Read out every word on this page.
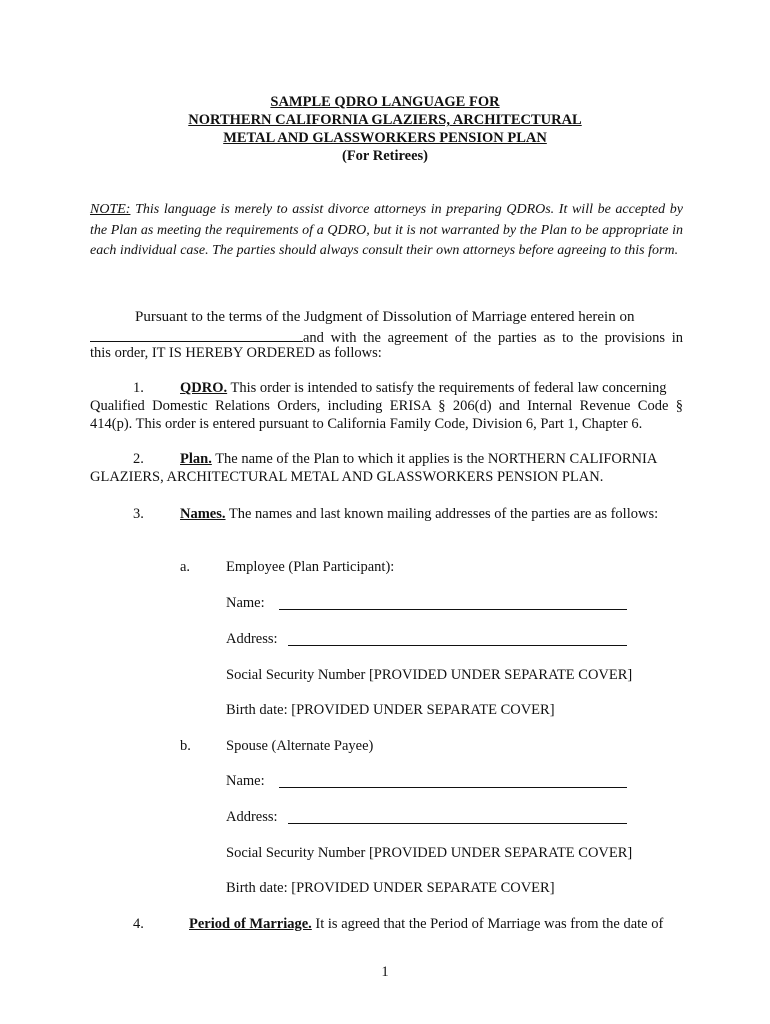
SAMPLE QDRO LANGUAGE FOR
NORTHERN CALIFORNIA GLAZIERS, ARCHITECTURAL
METAL AND GLASSWORKERS PENSION PLAN
(For Retirees)
NOTE: This language is merely to assist divorce attorneys in preparing QDROs. It will be accepted by the Plan as meeting the requirements of a QDRO, but it is not warranted by the Plan to be appropriate in each individual case. The parties should always consult their own attorneys before agreeing to this form.
Pursuant to the terms of the Judgment of Dissolution of Marriage entered herein on
and with the agreement of the parties as to the provisions in
this order, IT IS HEREBY ORDERED as follows:
1. QDRO. This order is intended to satisfy the requirements of federal law concerning
Qualified Domestic Relations Orders, including ERISA § 206(d) and Internal Revenue Code §
414(p). This order is entered pursuant to California Family Code, Division 6, Part 1, Chapter 6.
2. Plan. The name of the Plan to which it applies is the NORTHERN CALIFORNIA
GLAZIERS, ARCHITECTURAL METAL AND GLASSWORKERS PENSION PLAN.
3. Names. The names and last known mailing addresses of the parties are as follows:
a. Employee (Plan Participant):
Name:
Address:
Social Security Number [PROVIDED UNDER SEPARATE COVER]
Birth date: [PROVIDED UNDER SEPARATE COVER]
b. Spouse (Alternate Payee)
Name:
Address:
Social Security Number [PROVIDED UNDER SEPARATE COVER]
Birth date: [PROVIDED UNDER SEPARATE COVER]
4.	Period of Marriage. It is agreed that the Period of Marriage was from the date of
1
